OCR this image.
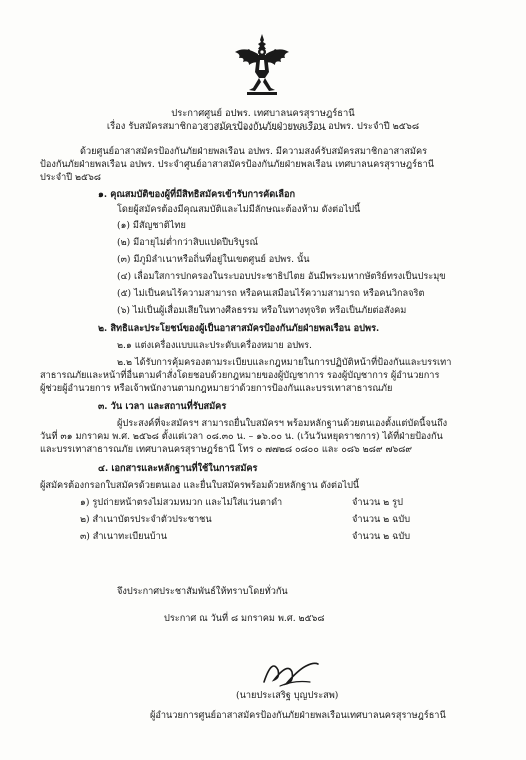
ประกาศศูนย์ อปพร. เทศบาลนครสุราษฎร์ธานี
เรื่อง รับสมัครสมาชิกอาสาสมัครป้องกันภัยฝ่ายพลเรือน อปพร. ประจำปี ๒๕๖๘
ด้วยศูนย์อาสาสมัครป้องกันภัยฝ่ายพลเรือน อปพร. มีความสงค์รับสมัครสมาชิกอาสาสมัคร
ป้องกันภัยฝ่ายพลเรือน อปพร. ประจำศูนย์อาสาสมัครป้องกันภัยฝ่ายพลเรือน เทศบาลนครสุราษฎร์ธานี
ประจำปี ๒๕๖๘
๑. คุณสมบัติของผู้ที่มีสิทธิสมัครเข้ารับการคัดเลือก
โดยผู้สมัครต้องมีคุณสมบัติและไม่มีลักษณะต้องห้าม ดังต่อไปนี้
(๑) มีสัญชาติไทย
(๒) มีอายุไม่ต่ำกว่าสิบแปดปีบริบูรณ์
(๓) มีภูมิลำเนาหรือถิ่นที่อยู่ในเขตศูนย์ อปพร. นั้น
(๔) เลื่อมใสการปกครองในระบอบประชาธิปไตย อันมีพระมหากษัตริย์ทรงเป็นประมุข
(๕) ไม่เป็นคนไร้ความสามารถ หรือคนเสมือนไร้ความสามารถ หรือคนวิกลจริต
(๖) ไม่เป็นผู้เสื่อมเสียในทางศีลธรรม หรือในทางทุจริต หรือเป็นภัยต่อสังคม
๒. สิทธิและประโยชน์ของผู้เป็นอาสาสมัครป้องกันภัยฝ่ายพลเรือน อปพร.
๒.๑ แต่งเครื่องแบบและประดับเครื่องหมาย อปพร.
๒.๒ ได้รับการคุ้มครองตามระเบียบและกฎหมายในการปฏิบัติหน้าที่ป้องกันและบรรเทา
สาธารณภัยและหน้าที่อื่นตามคำสั่งโดยชอบด้วยกฎหมายของผู้บัญชาการ รองผู้บัญชาการ ผู้อำนวยการ
ผู้ช่วยผู้อำนวยการ หรือเจ้าพนักงานตามกฎหมายว่าด้วยการป้องกันและบรรเทาสาธารณภัย
๓. วัน เวลา และสถานที่รับสมัคร
ผู้ประสงค์ที่จะสมัครฯ สามารถยื่นใบสมัครฯ พร้อมหลักฐานด้วยตนเองตั้งแต่บัดนี้จนถึง
วันที่ ๓๑ มกราคม พ.ศ. ๒๕๖๘ ตั้งแต่เวลา ๐๘.๓๐ น. – ๑๖.๐๐ น. (เว้นวันหยุดราชการ) ได้ที่ฝ่ายป้องกัน
และบรรเทาสาธารณภัย เทศบาลนครสุราษฎร์ธานี โทร ๐ ๗๗๒๘ ๐๘๐๐ และ ๐๘๖ ๒๘๙ ๗๖๘๙
๔. เอกสารและหลักฐานที่ใช้ในการสมัคร
ผู้สมัครต้องกรอกใบสมัครด้วยตนเอง และยื่นใบสมัครพร้อมด้วยหลักฐาน ดังต่อไปนี้
๑) รูปถ่ายหน้าตรงไม่สวมหมวก และไม่ใส่แว่นตาดำ	จำนวน ๒ รูป
๒) สำเนาบัตรประจำตัวประชาชน	จำนวน ๒ ฉบับ
๓) สำเนาทะเบียนบ้าน	จำนวน ๒ ฉบับ
จึงประกาศประชาสัมพันธ์ให้ทราบโดยทั่วกัน
ประกาศ ณ วันที่ ๘ มกราคม พ.ศ. ๒๕๖๘
(นายประเสริฐ บุญประสพ)
ผู้อำนวยการศูนย์อาสาสมัครป้องกันภัยฝ่ายพลเรือนเทศบาลนครสุราษฎร์ธานี
